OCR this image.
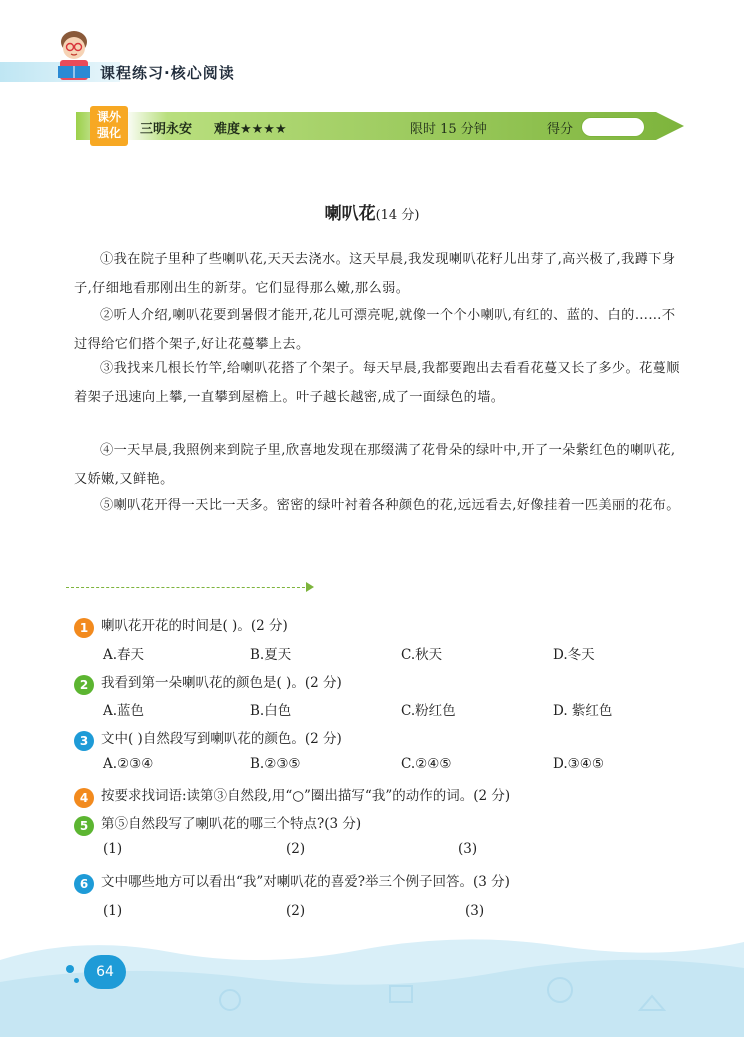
课程练习·核心阅读
课外
强化	三明永安 难度★★★★	限时 15 分钟	得分
喇叭花(14 分)

①我在院子里种了些喇叭花,天天去浇水。这天早晨,我发现喇叭花籽儿出芽了,高兴极了,我蹲下身子,仔细地看那刚出生的新芽。它们显得那么嫩,那么弱。

②听人介绍,喇叭花要到暑假才能开,花儿可漂亮呢,就像一个个小喇叭,有红的、蓝的、白的……不过得给它们搭个架子,好让花蔓攀上去。

③我找来几根长竹竿,给喇叭花搭了个架子。每天早晨,我都要跑出去看看花蔓又长了多少。花蔓顺着架子迅速向上攀,一直攀到屋檐上。叶子越长越密,成了一面绿色的墙。

④一天早晨,我照例来到院子里,欣喜地发现在那缀满了花骨朵的绿叶中,开了一朵紫红色的喇叭花,又娇嫩,又鲜艳。

⑤喇叭花开得一天比一天多。密密的绿叶衬着各种颜色的花,远远看去,好像挂着一匹美丽的花布。

1 喇叭花开花的时间是( )。(2 分)
A.春天	B.夏天	C.秋天	D.冬天
2 我看到第一朵喇叭花的颜色是( )。(2 分)
A.蓝色	B.白色	C.粉红色	D. 紫红色
3 文中( )自然段写到喇叭花的颜色。(2 分)
A.②③④	B.②③⑤	C.②④⑤	D.③④⑤
4 按要求找词语:读第③自然段,用“○”圈出描写“我”的动作的词。(2 分)
5 第⑤自然段写了喇叭花的哪三个特点?(3 分)
(1)	(2)	(3)
6 文中哪些地方可以看出“我”对喇叭花的喜爱?举三个例子回答。(3 分)
(1)	(2)	(3)
64
